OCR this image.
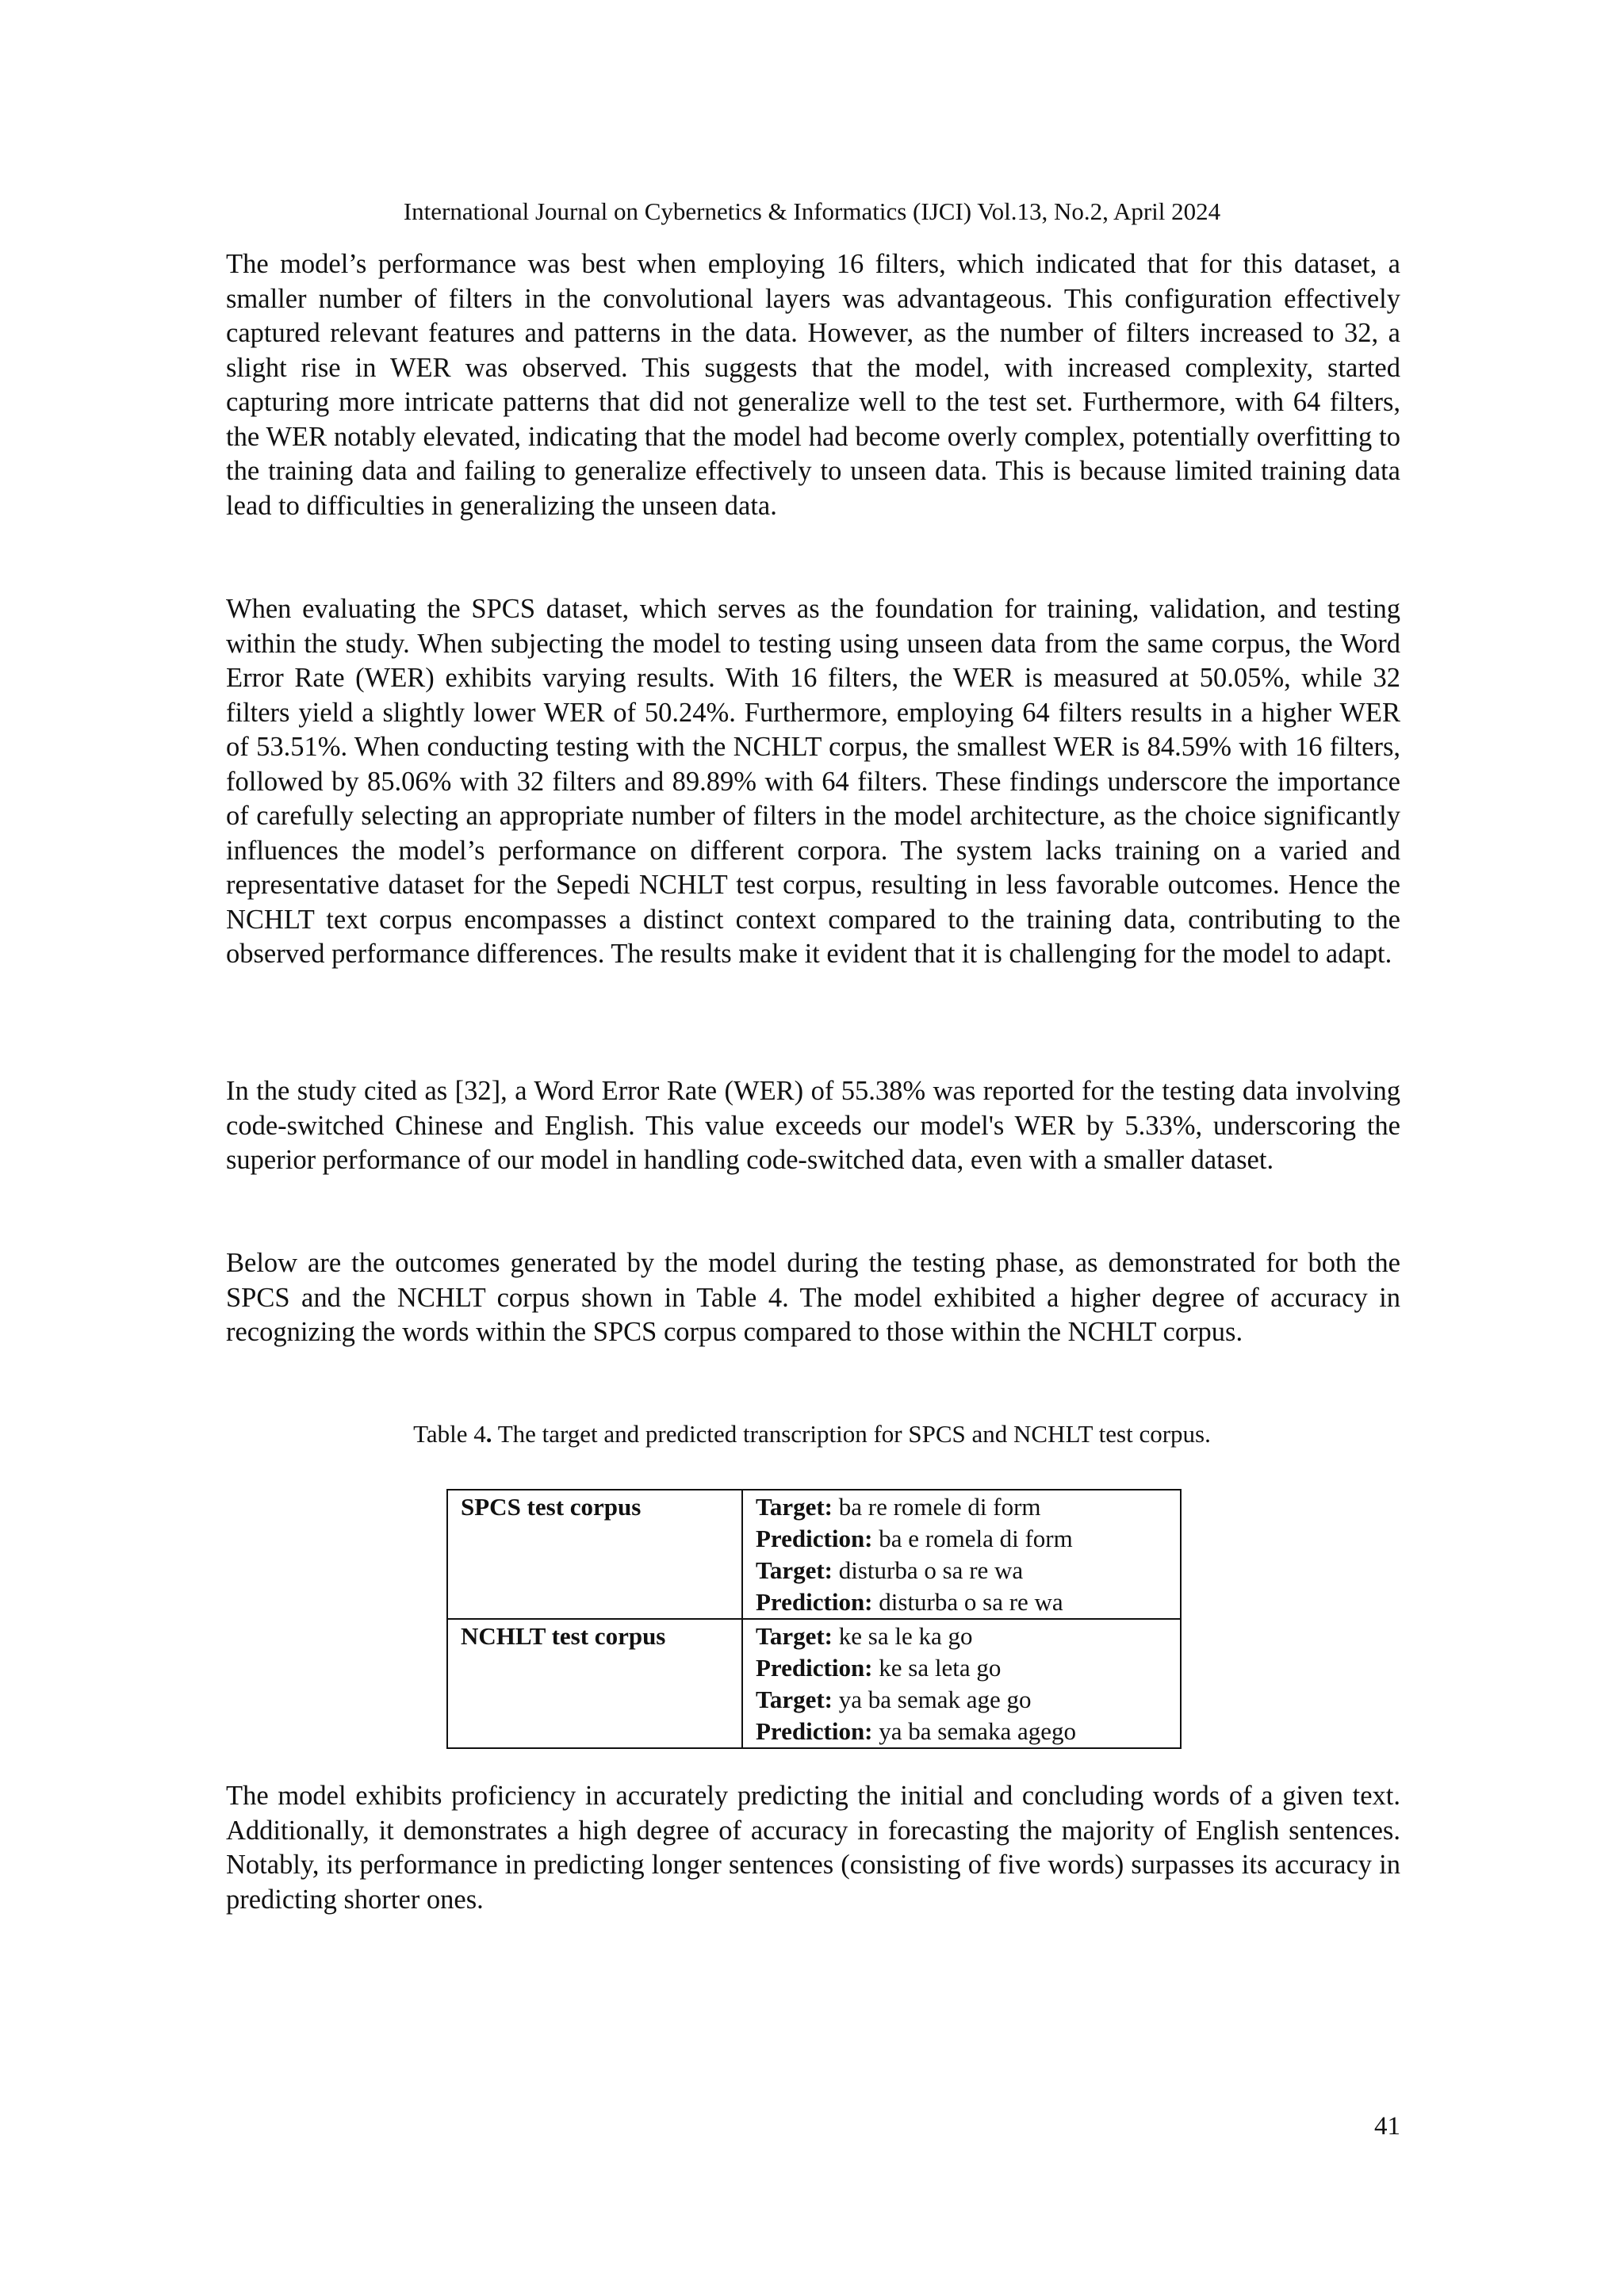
International Journal on Cybernetics & Informatics (IJCI) Vol.13, No.2, April 2024

The model’s performance was best when employing 16 filters, which indicated that for this dataset, a smaller number of filters in the convolutional layers was advantageous. This configuration effectively captured relevant features and patterns in the data. However, as the number of filters increased to 32, a slight rise in WER was observed. This suggests that the model, with increased complexity, started capturing more intricate patterns that did not generalize well to the test set. Furthermore, with 64 filters, the WER notably elevated, indicating that the model had become overly complex, potentially overfitting to the training data and failing to generalize effectively to unseen data. This is because limited training data lead to difficulties in generalizing the unseen data.

When evaluating the SPCS dataset, which serves as the foundation for training, validation, and testing within the study. When subjecting the model to testing using unseen data from the same corpus, the Word Error Rate (WER) exhibits varying results. With 16 filters, the WER is measured at 50.05%, while 32 filters yield a slightly lower WER of 50.24%. Furthermore, employing 64 filters results in a higher WER of 53.51%. When conducting testing with the NCHLT corpus, the smallest WER is 84.59% with 16 filters, followed by 85.06% with 32 filters and 89.89% with 64 filters. These findings underscore the importance of carefully selecting an appropriate number of filters in the model architecture, as the choice significantly influences the model’s performance on different corpora. The system lacks training on a varied and representative dataset for the Sepedi NCHLT test corpus, resulting in less favorable outcomes. Hence the NCHLT text corpus encompasses a distinct context compared to the training data, contributing to the observed performance differences. The results make it evident that it is challenging for the model to adapt.

In the study cited as [32], a Word Error Rate (WER) of 55.38% was reported for the testing data involving code-switched Chinese and English. This value exceeds our model's WER by 5.33%, underscoring the superior performance of our model in handling code-switched data, even with a smaller dataset.

Below are the outcomes generated by the model during the testing phase, as demonstrated for both the SPCS and the NCHLT corpus shown in Table 4. The model exhibited a higher degree of accuracy in recognizing the words within the SPCS corpus compared to those within the NCHLT corpus.

Table 4. The target and predicted transcription for SPCS and NCHLT test corpus.
SPCS test corpus	Target: ba re romele di form
Prediction: ba e romela di form
Target: disturba o sa re wa
Prediction: disturba o sa re wa

NCHLT test corpus	Target: ke sa le ka go
Prediction: ke sa leta go
Target: ya ba semak age go
Prediction: ya ba semaka agego

The model exhibits proficiency in accurately predicting the initial and concluding words of a given text. Additionally, it demonstrates a high degree of accuracy in forecasting the majority of English sentences. Notably, its performance in predicting longer sentences (consisting of five words) surpasses its accuracy in predicting shorter ones.

41
